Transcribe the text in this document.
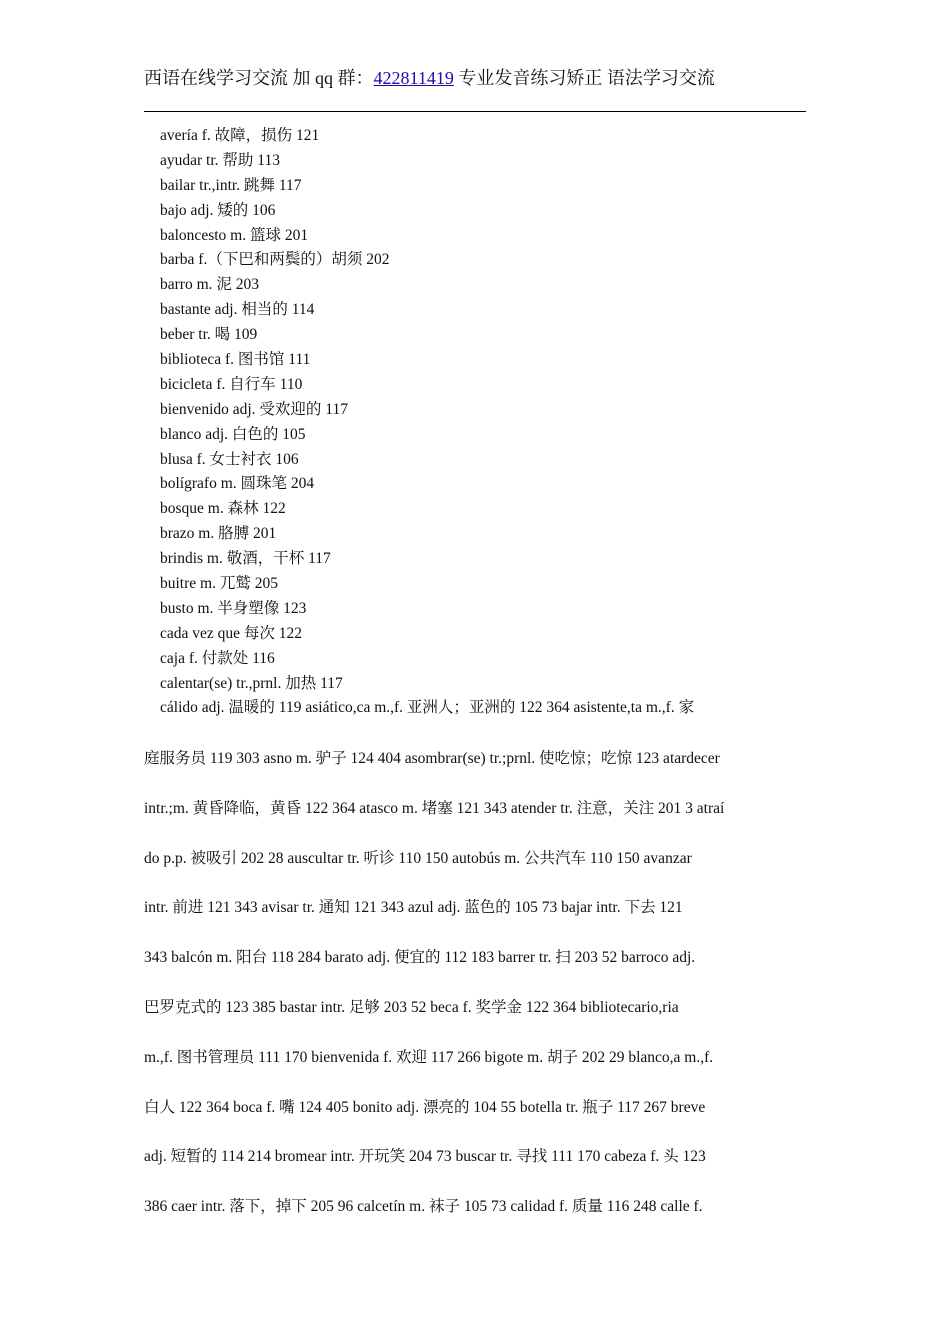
西语在线学习交流 加 qq 群：422811419 专业发音练习矫正 语法学习交流
avería f. 故障，损伤 121
ayudar tr. 帮助 113
bailar tr.,intr. 跳舞 117
bajo adj. 矮的 106
baloncesto m. 篮球 201
barba f.（下巴和两鬓的）胡须 202
barro m. 泥 203
bastante adj. 相当的 114
beber tr. 喝 109
biblioteca f. 图书馆 111
bicicleta f. 自行车 110
bienvenido adj. 受欢迎的 117
blanco adj. 白色的 105
blusa f. 女士衬衣 106
bolígrafo m. 圆珠笔 204
bosque m. 森林 122
brazo m. 胳膊 201
brindis m. 敬酒，干杯 117
buitre m. 兀鹫 205
busto m. 半身塑像 123
cada vez que 每次 122
caja f. 付款处 116
calentar(se) tr.,prnl. 加热 117
cálido adj. 温暖的 119 asiático,ca m.,f. 亚洲人；亚洲的 122 364 asistente,ta m.,f. 家
庭服务员 119 303 asno m. 驴子 124 404 asombrar(se) tr.;prnl. 使吃惊；吃惊 123 atardecer
intr.;m. 黄昏降临，黄昏 122 364 atasco m. 堵塞 121 343 atender tr. 注意，关注 201 3 atraí
do p.p. 被吸引 202 28 auscultar tr. 听诊 110 150 autobús m. 公共汽车 110 150 avanzar
intr. 前进 121 343 avisar tr. 通知 121 343 azul adj. 蓝色的 105 73 bajar intr. 下去 121
343 balcón m. 阳台 118 284 barato adj. 便宜的 112 183 barrer tr. 扫 203 52 barroco adj.
巴罗克式的 123 385 bastar intr. 足够 203 52 beca f. 奖学金 122 364 bibliotecario,ria
m.,f. 图书管理员 111 170 bienvenida f. 欢迎 117 266 bigote m. 胡子 202 29 blanco,a m.,f.
白人 122 364 boca f. 嘴 124 405 bonito adj. 漂亮的 104 55 botella tr. 瓶子 117 267 breve
adj. 短暂的 114 214 bromear intr. 开玩笑 204 73 buscar tr. 寻找 111 170 cabeza f. 头 123
386 caer intr. 落下，掉下 205 96 calcetín m. 袜子 105 73 calidad f. 质量 116 248 calle f.
